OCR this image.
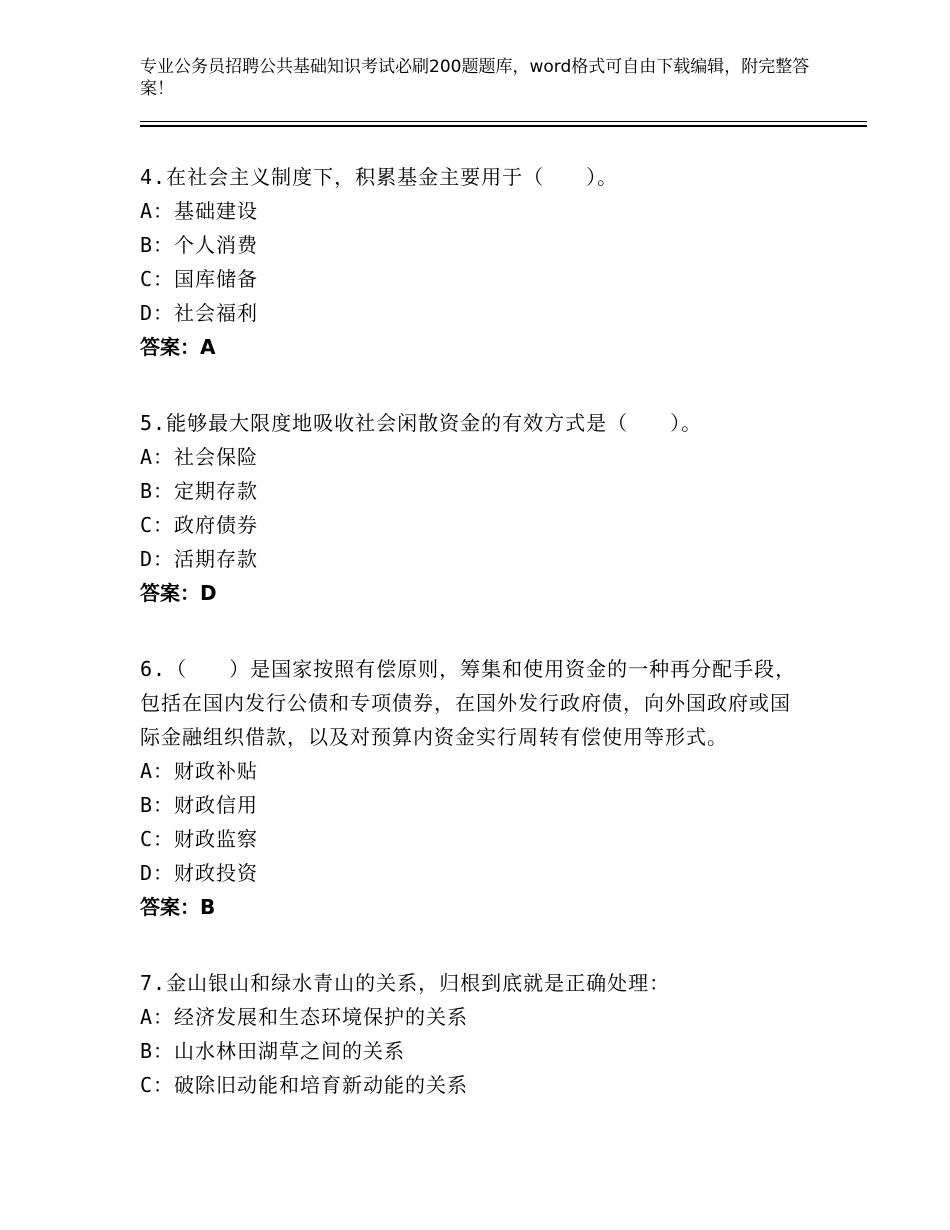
专业公务员招聘公共基础知识考试必刷200题题库，word格式可自由下载编辑，附完整答案！

4.在社会主义制度下，积累基金主要用于（　　）。

A：基础建设

B：个人消费

C：国库储备

D：社会福利

答案：A

5.能够最大限度地吸收社会闲散资金的有效方式是（　　）。

A：社会保险

B：定期存款

C：政府债券

D：活期存款

答案：D

6.（　　）是国家按照有偿原则，筹集和使用资金的一种再分配手段，包括在国内发行公债和专项债券，在国外发行政府债，向外国政府或国际金融组织借款，以及对预算内资金实行周转有偿使用等形式。

A：财政补贴

B：财政信用

C：财政监察

D：财政投资

答案：B

7.金山银山和绿水青山的关系，归根到底就是正确处理：

A：经济发展和生态环境保护的关系

B：山水林田湖草之间的关系

C：破除旧动能和培育新动能的关系
